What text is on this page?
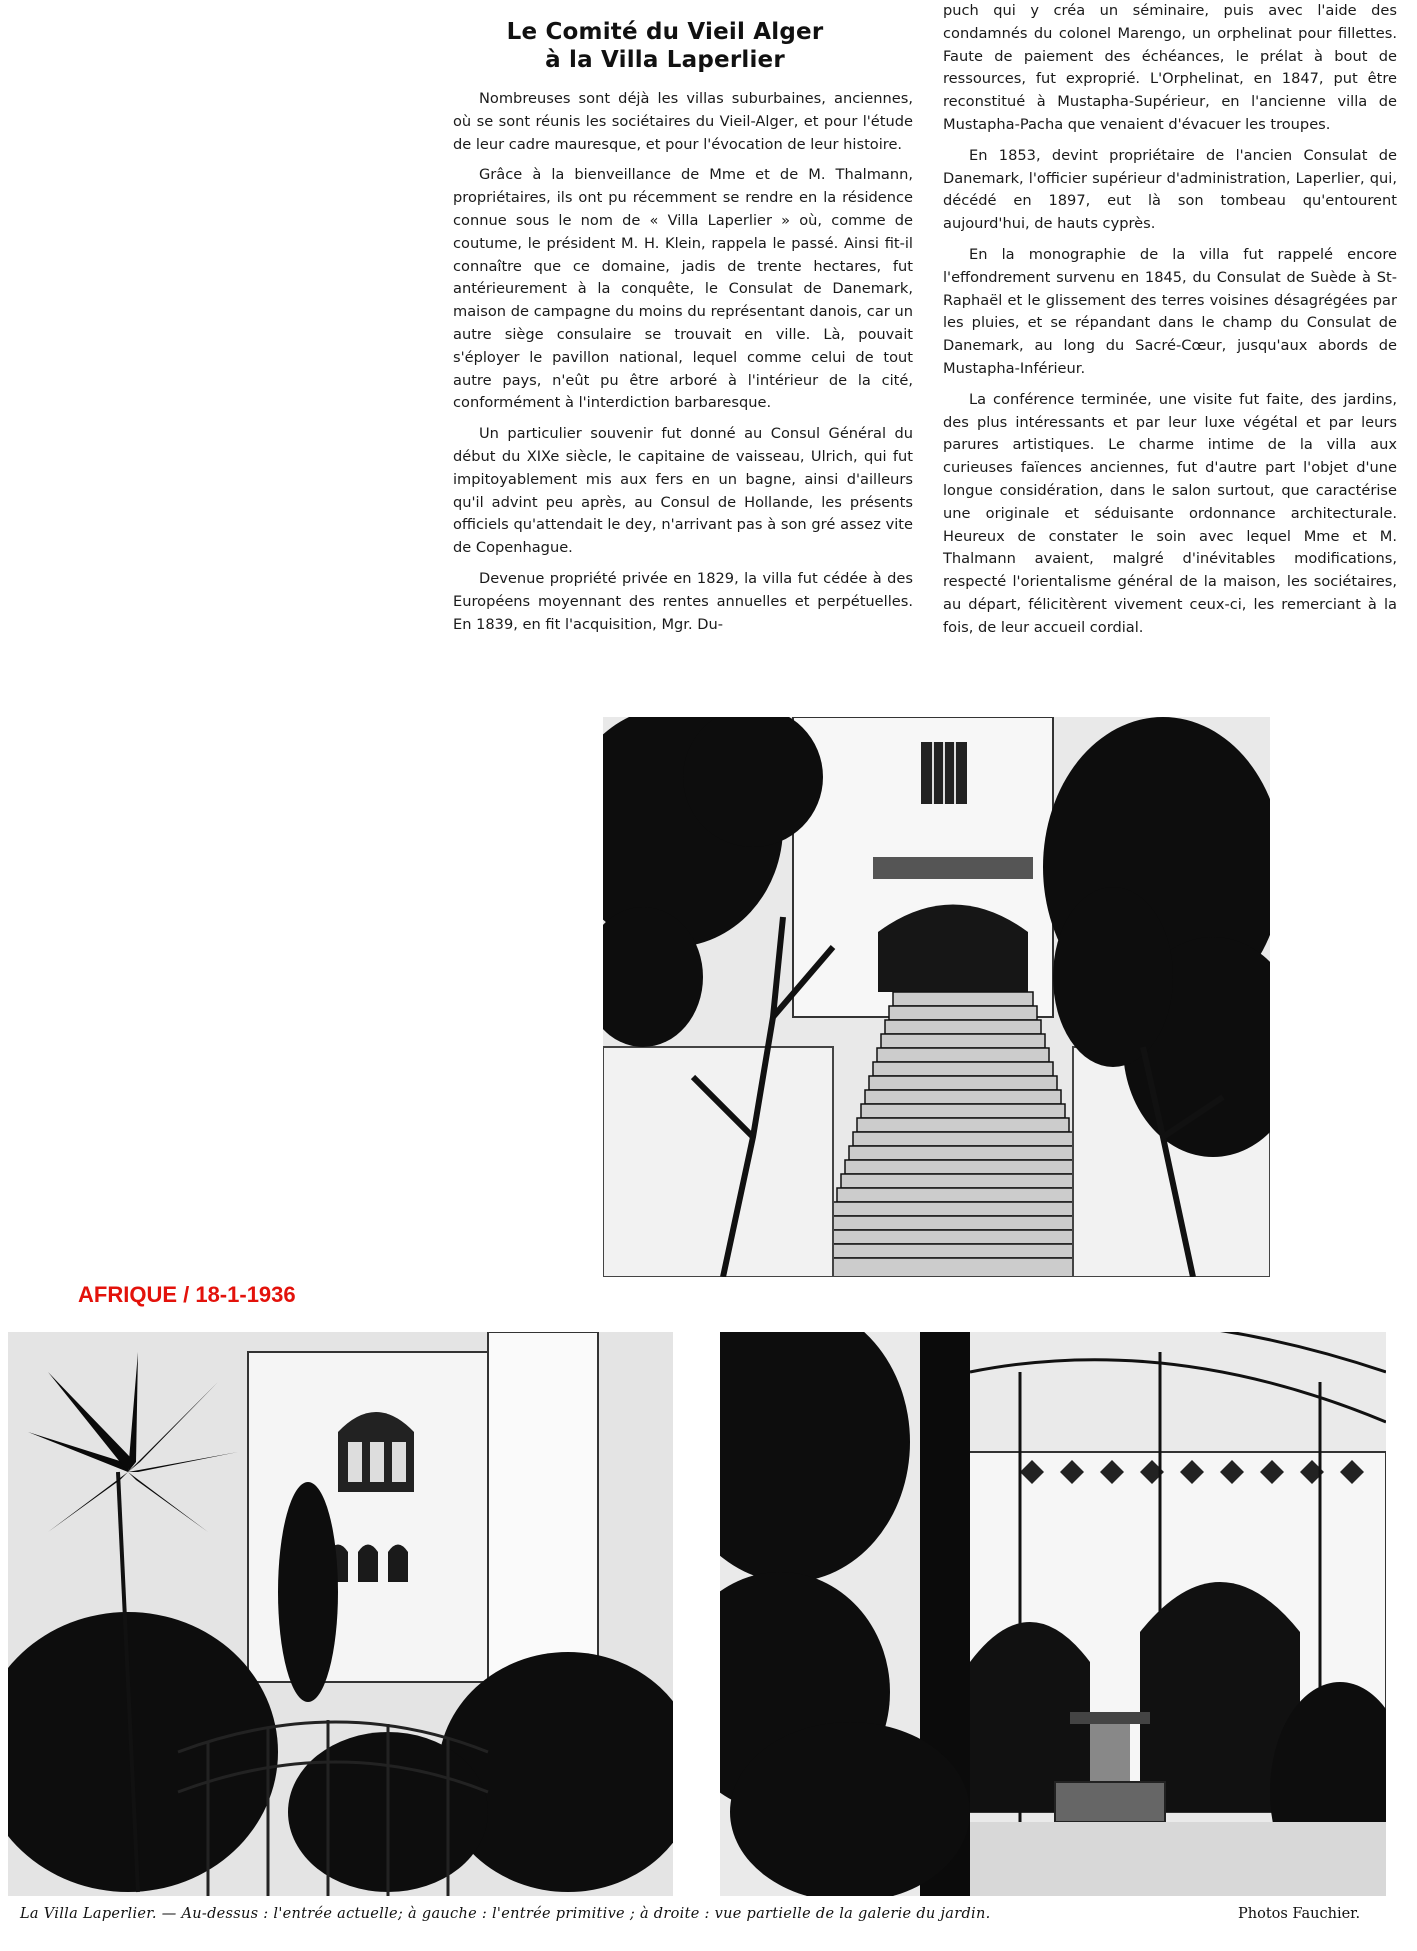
Le Comité du Vieil Alger
à la Villa Laperlier

Nombreuses sont déjà les villas suburbaines, anciennes, où se sont réunis les sociétaires du Vieil-Alger, et pour l'étude de leur cadre mauresque, et pour l'évocation de leur histoire.

Grâce à la bienveillance de Mme et de M. Thalmann, propriétaires, ils ont pu récemment se rendre en la résidence connue sous le nom de « Villa Laperlier » où, comme de coutume, le président M. H. Klein, rappela le passé. Ainsi fit-il connaître que ce domaine, jadis de trente hectares, fut antérieurement à la conquête, le Consulat de Danemark, maison de campagne du moins du représentant danois, car un autre siège consulaire se trouvait en ville. Là, pouvait s'éployer le pavillon national, lequel comme celui de tout autre pays, n'eût pu être arboré à l'intérieur de la cité, conformément à l'interdiction barbaresque.

Un particulier souvenir fut donné au Consul Général du début du XIXe siècle, le capitaine de vaisseau, Ulrich, qui fut impitoyablement mis aux fers en un bagne, ainsi d'ailleurs qu'il advint peu après, au Consul de Hollande, les présents officiels qu'attendait le dey, n'arrivant pas à son gré assez vite de Copenhague.

Devenue propriété privée en 1829, la villa fut cédée à des Européens moyennant des rentes annuelles et perpétuelles. En 1839, en fit l'acquisition, Mgr. Du-

puch qui y créa un séminaire, puis avec l'aide des condamnés du colonel Marengo, un orphelinat pour fillettes. Faute de paiement des échéances, le prélat à bout de ressources, fut exproprié. L'Orphelinat, en 1847, put être reconstitué à Mustapha-Supérieur, en l'ancienne villa de Mustapha-Pacha que venaient d'évacuer les troupes.

En 1853, devint propriétaire de l'ancien Consulat de Danemark, l'officier supérieur d'administration, Laperlier, qui, décédé en 1897, eut là son tombeau qu'entourent aujourd'hui, de hauts cyprès.

En la monographie de la villa fut rappelé encore l'effondrement survenu en 1845, du Consulat de Suède à St-Raphaël et le glissement des terres voisines désagrégées par les pluies, et se répandant dans le champ du Consulat de Danemark, au long du Sacré-Cœur, jusqu'aux abords de Mustapha-Inférieur.

La conférence terminée, une visite fut faite, des jardins, des plus intéressants et par leur luxe végétal et par leurs parures artistiques. Le charme intime de la villa aux curieuses faïences anciennes, fut d'autre part l'objet d'une longue considération, dans le salon surtout, que caractérise une originale et séduisante ordonnance architecturale. Heureux de constater le soin avec lequel Mme et M. Thalmann avaient, malgré d'inévitables modifications, respecté l'orientalisme général de la maison, les sociétaires, au départ, félicitèrent vivement ceux-ci, les remerciant à la fois, de leur accueil cordial.

AFRIQUE / 18-1-1936
La Villa Laperlier. — Au-dessus : l'entrée actuelle; à gauche : l'entrée primitive ; à droite : vue partielle de la galerie du jardin.	Photos Fauchier.
